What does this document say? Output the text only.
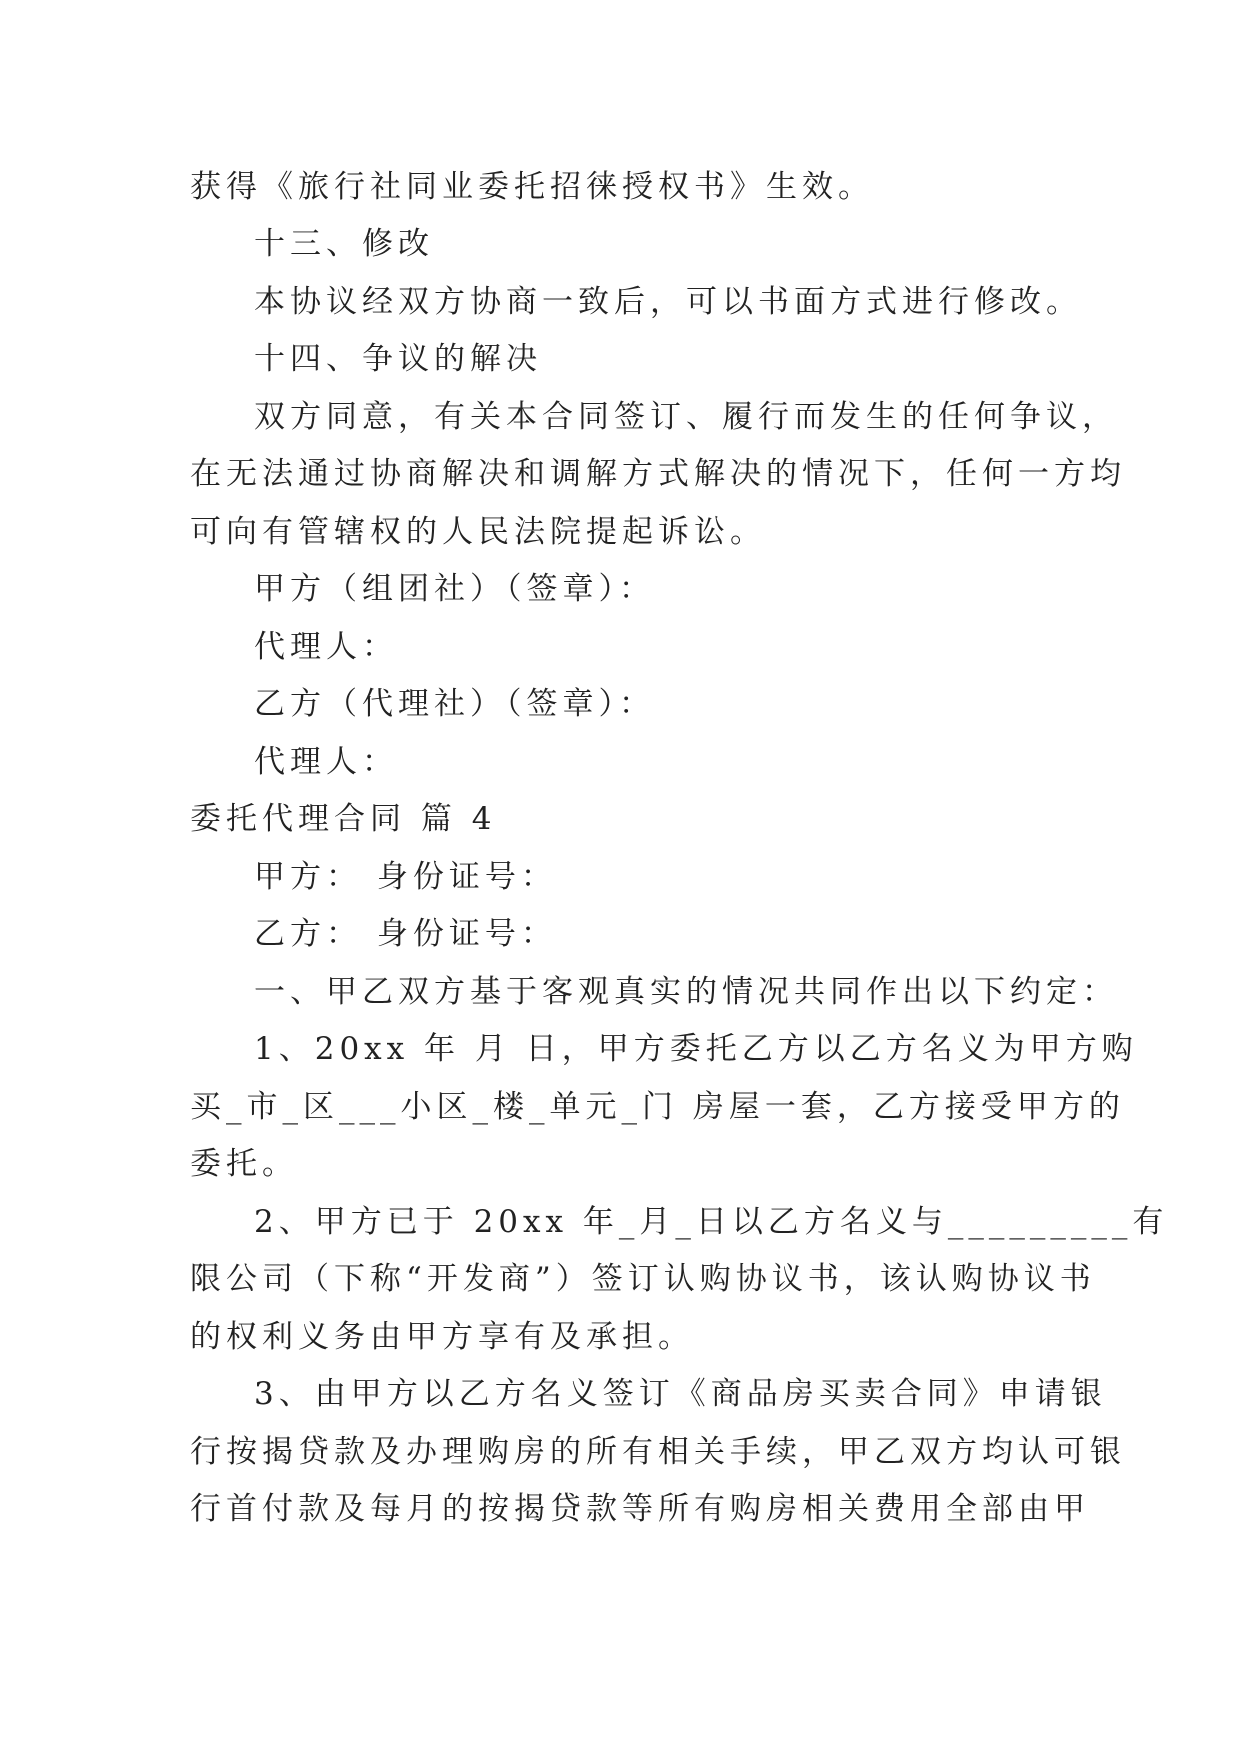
获得《旅行社同业委托招徕授权书》生效。
十三、修改
本协议经双方协商一致后，可以书面方式进行修改。
十四、争议的解决
双方同意，有关本合同签订、履行而发生的任何争议，
在无法通过协商解决和调解方式解决的情况下，任何一方均
可向有管辖权的人民法院提起诉讼。
甲方（组团社）（签章）：
代理人：
乙方（代理社）（签章）：
代理人：
委托代理合同 篇 4
甲方： 身份证号：
乙方： 身份证号：
一、甲乙双方基于客观真实的情况共同作出以下约定：
1、20xx 年 月 日，甲方委托乙方以乙方名义为甲方购
买_市_区___小区_楼_单元_门 房屋一套，乙方接受甲方的
委托。
2、甲方已于 20xx 年_月_日以乙方名义与_________有
限公司（下称“开发商”）签订认购协议书，该认购协议书
的权利义务由甲方享有及承担。
3、由甲方以乙方名义签订《商品房买卖合同》申请银
行按揭贷款及办理购房的所有相关手续，甲乙双方均认可银
行首付款及每月的按揭贷款等所有购房相关费用全部由甲
